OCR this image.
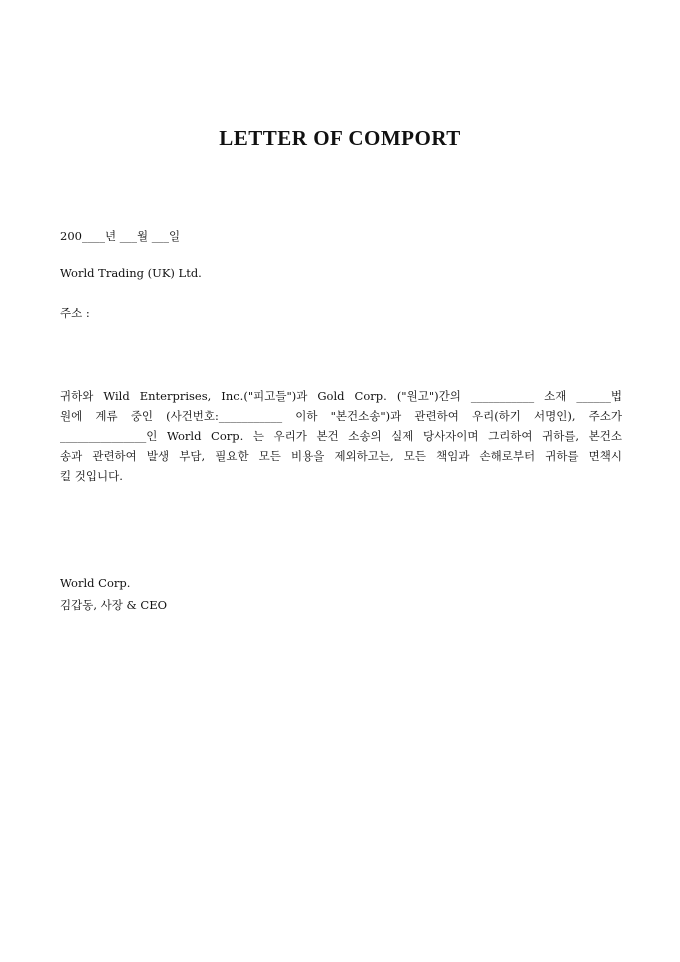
LETTER OF COMPORT
200____년 ___월 ___일
World Trading (UK) Ltd.
주소 :
귀하와 Wild Enterprises, Inc.("피고들")과 Gold Corp. ("원고")간의 ___________ 소재 ______법
원에 계류 중인 (사건번호:___________ 이하 "본건소송")과 관련하여 우리(하기 서명인), 주소가
_______________인 World Corp. 는 우리가 본건 소송의 실제 당사자이며 그리하여 귀하를, 본건소
송과 관련하여 발생 부담, 필요한 모든 비용을 제외하고는, 모든 책임과 손해로부터 귀하를 면책시
킬 것입니다.
World Corp.
김갑동, 사장 & CEO
